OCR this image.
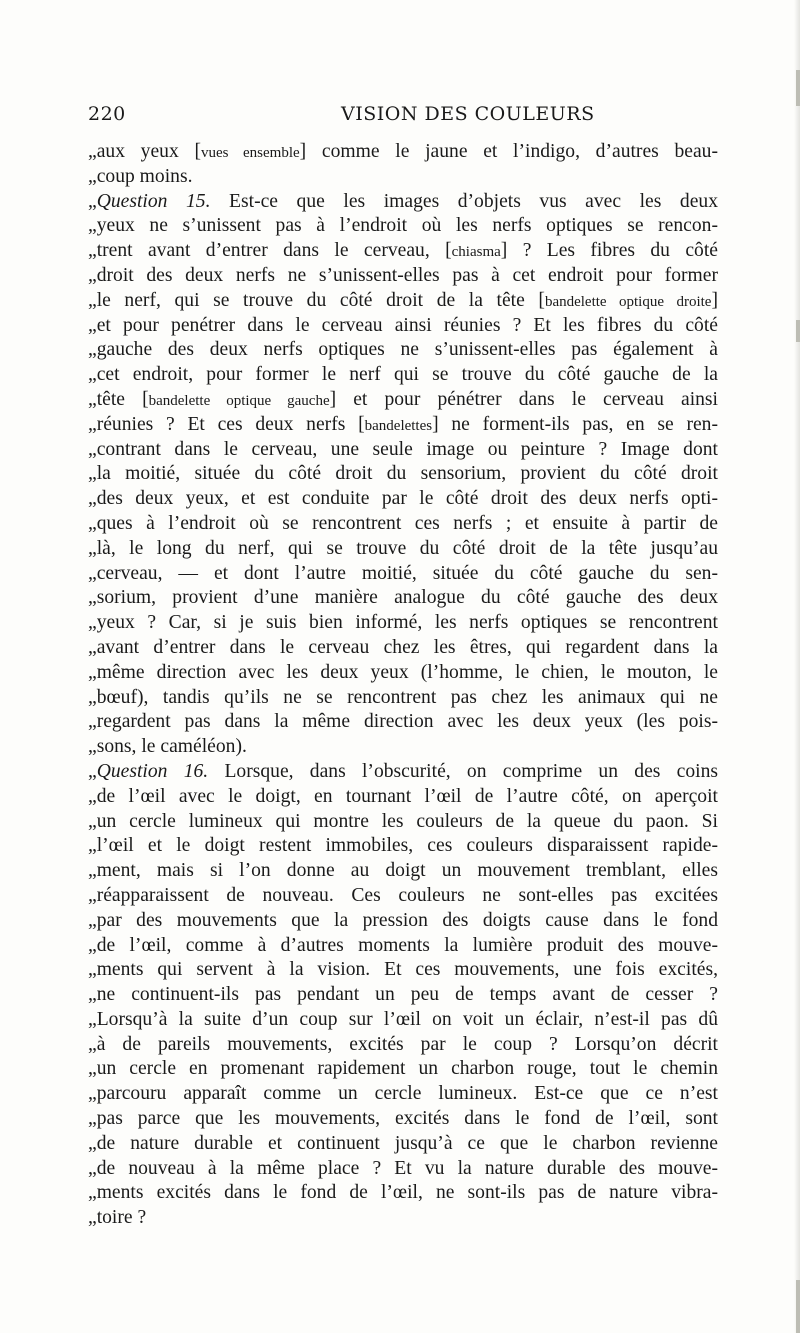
220	VISION DES COULEURS
„aux yeux [vues ensemble] comme le jaune et l’indigo, d’autres beau-
„coup moins.
„Question 15. Est-ce que les images d’objets vus avec les deux
„yeux ne s’unissent pas à l’endroit où les nerfs optiques se rencon-
„trent avant d’entrer dans le cerveau, [chiasma] ? Les fibres du côté
„droit des deux nerfs ne s’unissent-elles pas à cet endroit pour former
„le nerf, qui se trouve du côté droit de la tête [bandelette optique droite]
„et pour penétrer dans le cerveau ainsi réunies ? Et les fibres du côté
„gauche des deux nerfs optiques ne s’unissent-elles pas également à
„cet endroit, pour former le nerf qui se trouve du côté gauche de la
„tête [bandelette optique gauche] et pour pénétrer dans le cerveau ainsi
„réunies ? Et ces deux nerfs [bandelettes] ne forment-ils pas, en se ren-
„contrant dans le cerveau, une seule image ou peinture ? Image dont
„la moitié, située du côté droit du sensorium, provient du côté droit
„des deux yeux, et est conduite par le côté droit des deux nerfs opti-
„ques à l’endroit où se rencontrent ces nerfs ; et ensuite à partir de
„là, le long du nerf, qui se trouve du côté droit de la tête jusqu’au
„cerveau, — et dont l’autre moitié, située du côté gauche du sen-
„sorium, provient d’une manière analogue du côté gauche des deux
„yeux ? Car, si je suis bien informé, les nerfs optiques se rencontrent
„avant d’entrer dans le cerveau chez les êtres, qui regardent dans la
„même direction avec les deux yeux (l’homme, le chien, le mouton, le
„bœuf), tandis qu’ils ne se rencontrent pas chez les animaux qui ne
„regardent pas dans la même direction avec les deux yeux (les pois-
„sons, le caméléon).
„Question 16. Lorsque, dans l’obscurité, on comprime un des coins
„de l’œil avec le doigt, en tournant l’œil de l’autre côté, on aperçoit
„un cercle lumineux qui montre les couleurs de la queue du paon. Si
„l’œil et le doigt restent immobiles, ces couleurs disparaissent rapide-
„ment, mais si l’on donne au doigt un mouvement tremblant, elles
„réapparaissent de nouveau. Ces couleurs ne sont-elles pas excitées
„par des mouvements que la pression des doigts cause dans le fond
„de l’œil, comme à d’autres moments la lumière produit des mouve-
„ments qui servent à la vision. Et ces mouvements, une fois excités,
„ne continuent-ils pas pendant un peu de temps avant de cesser ?
„Lorsqu’à la suite d’un coup sur l’œil on voit un éclair, n’est-il pas dû
„à de pareils mouvements, excités par le coup ? Lorsqu’on décrit
„un cercle en promenant rapidement un charbon rouge, tout le chemin
„parcouru apparaît comme un cercle lumineux. Est-ce que ce n’est
„pas parce que les mouvements, excités dans le fond de l’œil, sont
„de nature durable et continuent jusqu’à ce que le charbon revienne
„de nouveau à la même place ? Et vu la nature durable des mouve-
„ments excités dans le fond de l’œil, ne sont-ils pas de nature vibra-
„toire ?
